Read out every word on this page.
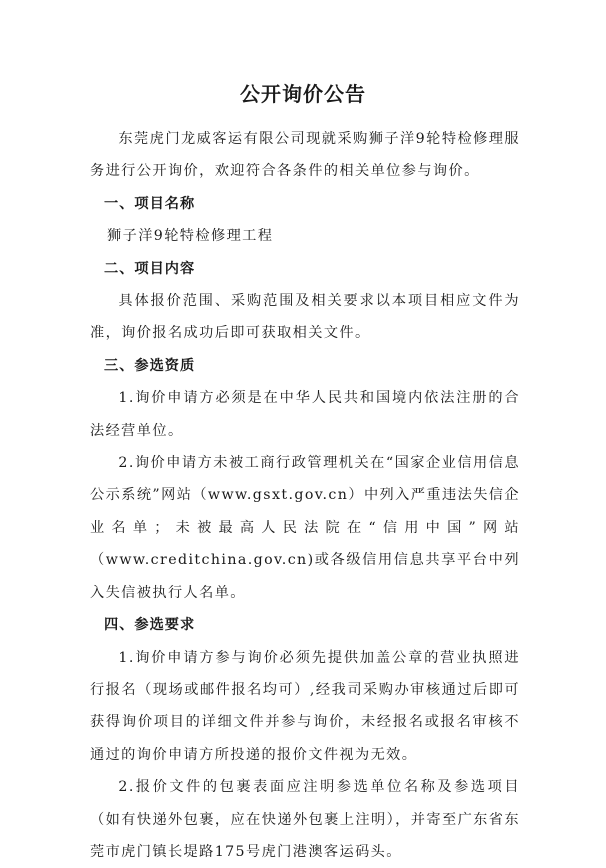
公开询价公告

东莞虎门龙威客运有限公司现就采购狮子洋9轮特检修理服务进行公开询价，欢迎符合各条件的相关单位参与询价。

一、项目名称

狮子洋9轮特检修理工程

二、项目内容

具体报价范围、采购范围及相关要求以本项目相应文件为准，询价报名成功后即可获取相关文件。

三、参选资质

1.询价申请方必须是在中华人民共和国境内依法注册的合法经营单位。

2.询价申请方未被工商行政管理机关在“国家企业信用信息公示系统”网站（www.gsxt.gov.cn）中列入严重违法失信企业名单；未被最高人民法院在“信用中国”网站（www.creditchina.gov.cn)或各级信用信息共享平台中列入失信被执行人名单。

四、参选要求

1.询价申请方参与询价必须先提供加盖公章的营业执照进行报名（现场或邮件报名均可）,经我司采购办审核通过后即可获得询价项目的详细文件并参与询价，未经报名或报名审核不通过的询价申请方所投递的报价文件视为无效。

2.报价文件的包裹表面应注明参选单位名称及参选项目（如有快递外包裹，应在快递外包裹上注明），并寄至广东省东莞市虎门镇长堤路175号虎门港澳客运码头。
